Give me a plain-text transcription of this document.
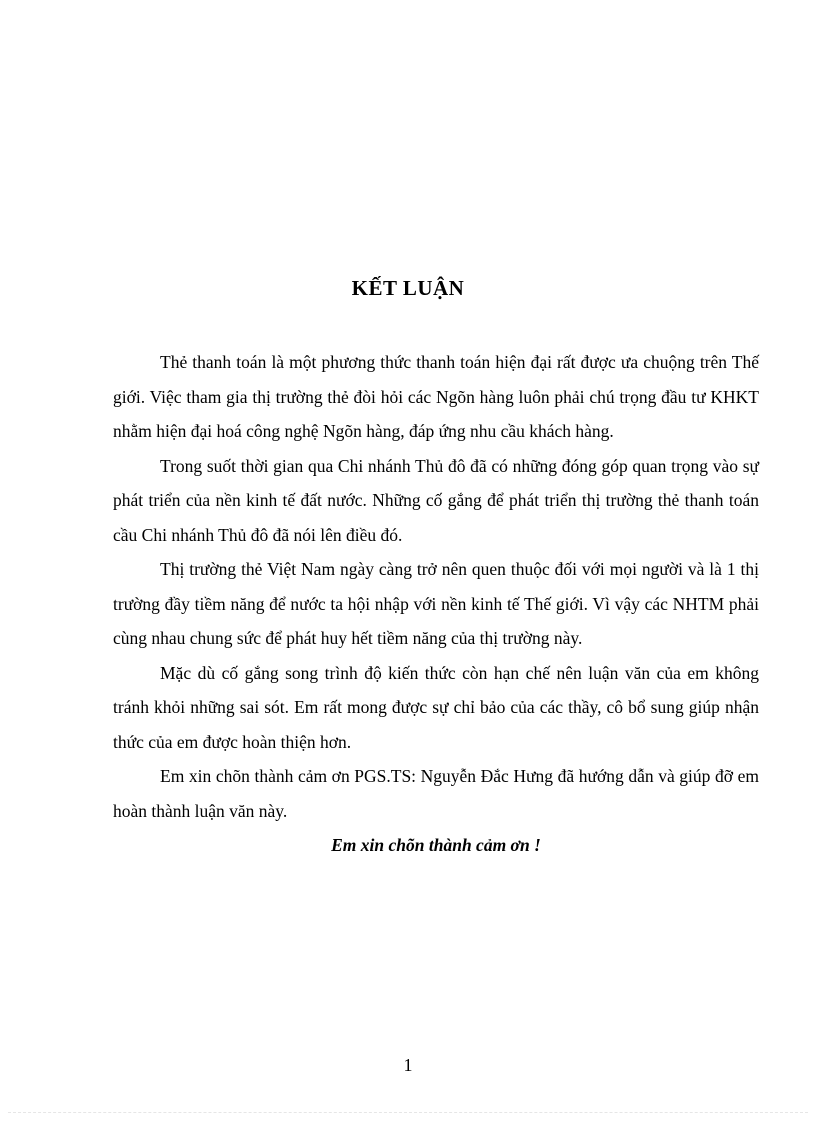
KẾT LUẬN

Thẻ thanh toán là một phương thức thanh toán hiện đại rất được ưa chuộng trên Thế giới. Việc tham gia thị trường thẻ đòi hỏi các Ngõn hàng luôn phải chú trọng đầu tư KHKT nhằm hiện đại hoá công nghệ Ngõn hàng, đáp ứng nhu cầu khách hàng.

Trong suốt thời gian qua Chi nhánh Thủ đô đã có những đóng góp quan trọng vào sự phát triển của nền kinh tế đất nước. Những cố gắng để phát triển thị trường thẻ thanh toán cầu Chi nhánh Thủ đô đã nói lên điều đó.

Thị trường thẻ Việt Nam ngày càng trở nên quen thuộc đối với mọi người và là 1 thị trường đầy tiềm năng để nước ta hội nhập với nền kinh tế Thế giới. Vì vậy các NHTM phải cùng nhau chung sức để phát huy hết tiềm năng của thị trường này.

Mặc dù cố gắng song trình độ kiến thức còn hạn chế nên luận văn của em không tránh khỏi những sai sót. Em rất mong được sự chỉ bảo của các thầy, cô bổ sung giúp nhận thức của em được hoàn thiện hơn.

Em xin chõn thành cảm ơn PGS.TS: Nguyễn Đắc Hưng đã hướng dẫn và giúp đỡ em hoàn thành luận văn này.

Em xin chõn thành cảm ơn !

1
